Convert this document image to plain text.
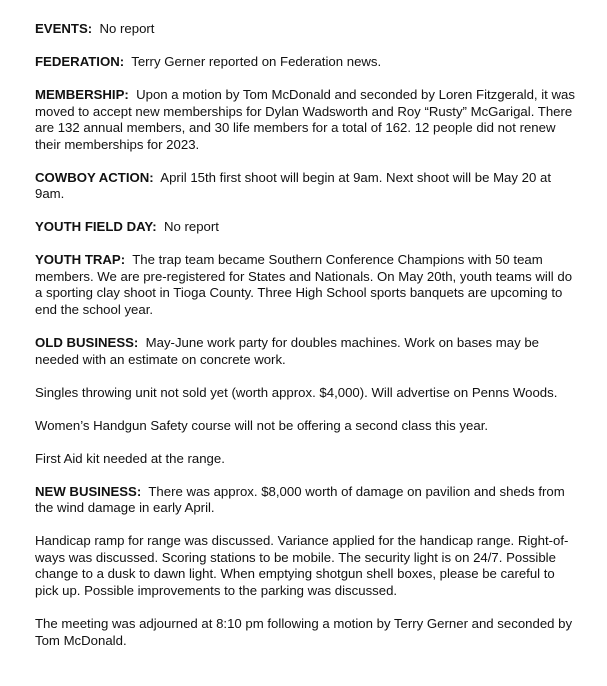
EVENTS: No report

FEDERATION: Terry Gerner reported on Federation news.

MEMBERSHIP: Upon a motion by Tom McDonald and seconded by Loren Fitzgerald, it was moved to accept new memberships for Dylan Wadsworth and Roy “Rusty” McGarigal. There are 132 annual members, and 30 life members for a total of 162. 12 people did not renew their memberships for 2023.

COWBOY ACTION: April 15th first shoot will begin at 9am. Next shoot will be May 20 at 9am.

YOUTH FIELD DAY: No report

YOUTH TRAP: The trap team became Southern Conference Champions with 50 team members. We are pre-registered for States and Nationals. On May 20th, youth teams will do a sporting clay shoot in Tioga County. Three High School sports banquets are upcoming to end the school year.

OLD BUSINESS: May-June work party for doubles machines. Work on bases may be needed with an estimate on concrete work.

Singles throwing unit not sold yet (worth approx. $4,000). Will advertise on Penns Woods.

Women’s Handgun Safety course will not be offering a second class this year.

First Aid kit needed at the range.

NEW BUSINESS: There was approx. $8,000 worth of damage on pavilion and sheds from the wind damage in early April.

Handicap ramp for range was discussed. Variance applied for the handicap range. Right-of-ways was discussed. Scoring stations to be mobile. The security light is on 24/7. Possible change to a dusk to dawn light. When emptying shotgun shell boxes, please be careful to pick up. Possible improvements to the parking was discussed.

The meeting was adjourned at 8:10 pm following a motion by Terry Gerner and seconded by Tom McDonald.
